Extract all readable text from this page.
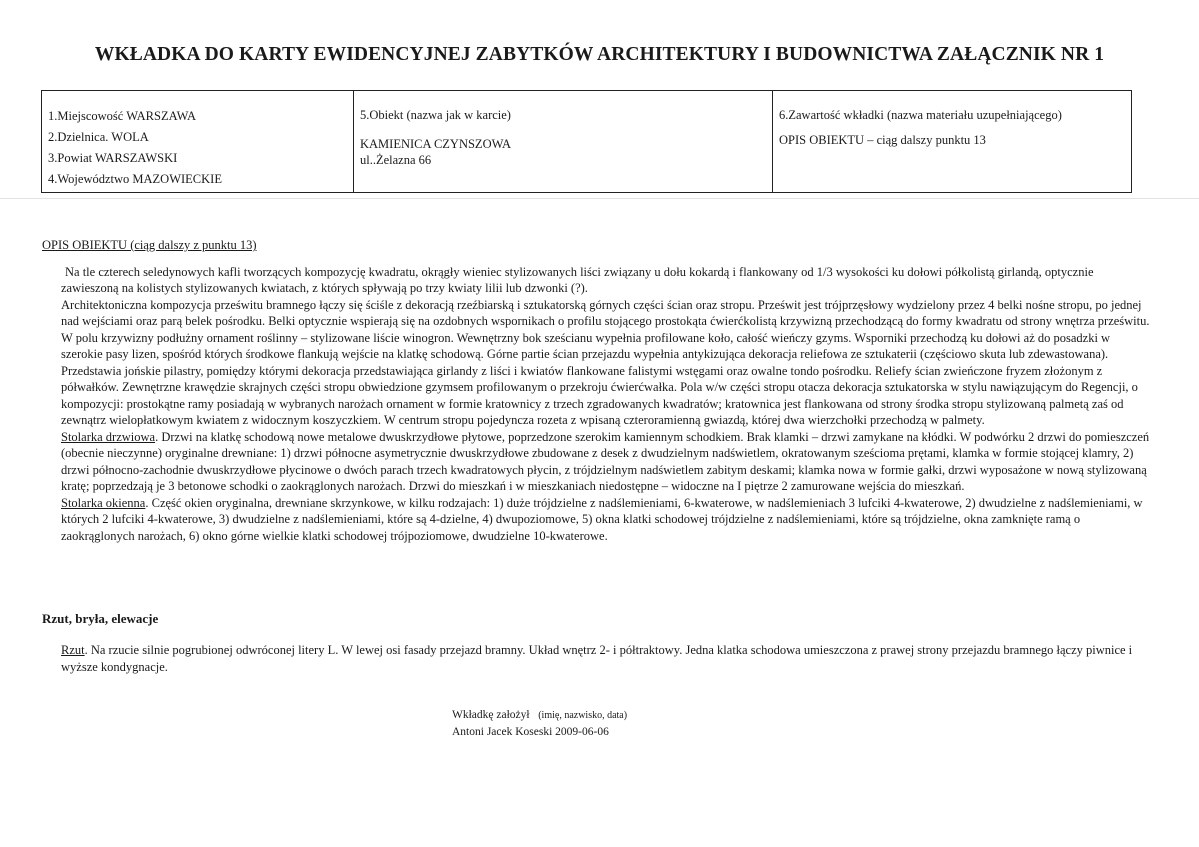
WKŁADKA DO KARTY EWIDENCYJNEJ ZABYTKÓW ARCHITEKTURY I BUDOWNICTWA ZAŁĄCZNIK NR 1
1.Miejscowość WARSZAWA
2.Dzielnica. WOLA
3.Powiat WARSZAWSKI
4.Województwo MAZOWIECKIE
5.Obiekt (nazwa jak w karcie)
KAMIENICA CZYNSZOWA
ul..Żelazna 66
6.Zawartość wkładki (nazwa materiału uzupełniającego)
OPIS OBIEKTU – ciąg dalszy punktu 13
OPIS OBIEKTU (ciąg dalszy z punktu 13)
Na tle czterech seledynowych kafli tworzących kompozycję kwadratu, okrągły wieniec stylizowanych liści związany u dołu kokardą i flankowany od 1/3 wysokości ku dołowi półkolistą girlandą, optycznie zawieszoną na kolistych stylizowanych kwiatach, z których spływają po trzy kwiaty lilii lub dzwonki (?).
Architektoniczna kompozycja prześwitu bramnego łączy się ściśle z dekoracją rzeźbiarską i sztukatorską górnych części ścian oraz stropu. Prześwit jest trójprzęsłowy wydzielony przez 4 belki nośne stropu, po jednej nad wejściami oraz parą belek pośrodku. Belki optycznie wspierają się na ozdobnych wspornikach o profilu stojącego prostokąta ćwierćkolistą krzywizną przechodzącą do formy kwadratu od strony wnętrza prześwitu. W polu krzywizny podłużny ornament roślinny – stylizowane liście winogron. Wewnętrzny bok sześcianu wypełnia profilowane koło, całość wieńczy gzyms. Wsporniki przechodzą ku dołowi aż do posadzki w szerokie pasy lizen, spośród których środkowe flankują wejście na klatkę schodową. Górne partie ścian przejazdu wypełnia antykizująca dekoracja reliefowa ze sztukaterii (częściowo skuta lub zdewastowana). Przedstawia jońskie pilastry, pomiędzy którymi dekoracja przedstawiająca girlandy z liści i kwiatów flankowane falistymi wstęgami oraz owalne tondo pośrodku. Reliefy ścian zwieńczone fryzem złożonym z półwałków. Zewnętrzne krawędzie skrajnych części stropu obwiedzione gzymsem profilowanym o przekroju ćwierćwałka. Pola w/w części stropu otacza dekoracja sztukatorska w stylu nawiązującym do Regencji, o kompozycji: prostokątne ramy posiadają w wybranych narożach ornament w formie kratownicy z trzech zgradowanych kwadratów; kratownica jest flankowana od strony środka stropu stylizowaną palmetą zaś od zewnątrz wielopłatkowym kwiatem z widocznym koszyczkiem. W centrum stropu pojedyncza rozeta z wpisaną czteroramienną gwiazdą, której dwa wierzchołki przechodzą w palmety.
Stolarka drzwiowa. Drzwi na klatkę schodową nowe metalowe dwuskrzydłowe płytowe, poprzedzone szerokim kamiennym schodkiem. Brak klamki – drzwi zamykane na kłódki. W podwórku 2 drzwi do pomieszczeń (obecnie nieczynne) oryginalne drewniane: 1) drzwi północne asymetrycznie dwuskrzydłowe zbudowane z desek z dwudzielnym nadświetlem, okratowanym sześcioma prętami, klamka w formie stojącej klamry, 2) drzwi północno-zachodnie dwuskrzydłowe płycinowe o dwóch parach trzech kwadratowych płycin, z trójdzielnym nadświetlem zabitym deskami; klamka nowa w formie gałki, drzwi wyposażone w nową stylizowaną kratę; poprzedzają je 3 betonowe schodki o zaokrąglonych narożach. Drzwi do mieszkań i w mieszkaniach niedostępne – widoczne na I piętrze 2 zamurowane wejścia do mieszkań.
Stolarka okienna. Część okien oryginalna, drewniane skrzynkowe, w kilku rodzajach: 1) duże trójdzielne z nadślemieniami, 6-kwaterowe, w nadślemieniach 3 lufciki 4-kwaterowe, 2) dwudzielne z nadślemieniami, w których 2 lufciki 4-kwaterowe, 3) dwudzielne z nadślemieniami, które są 4-dzielne, 4) dwupoziomowe, 5) okna klatki schodowej trójdzielne z nadślemieniami, które są trójdzielne, okna zamknięte ramą o zaokrąglonych narożach, 6) okno górne wielkie klatki schodowej trójpoziomowe, dwudzielne 10-kwaterowe.
Rzut, bryła, elewacje
Rzut. Na rzucie silnie pogrubionej odwróconej litery L. W lewej osi fasady przejazd bramny. Układ wnętrz 2- i półtraktowy. Jedna klatka schodowa umieszczona z prawej strony przejazdu bramnego łączy piwnice i wyższe kondygnacje.
Wkładkę założył (imię, nazwisko, data)
Antoni Jacek Koseski 2009-06-06
